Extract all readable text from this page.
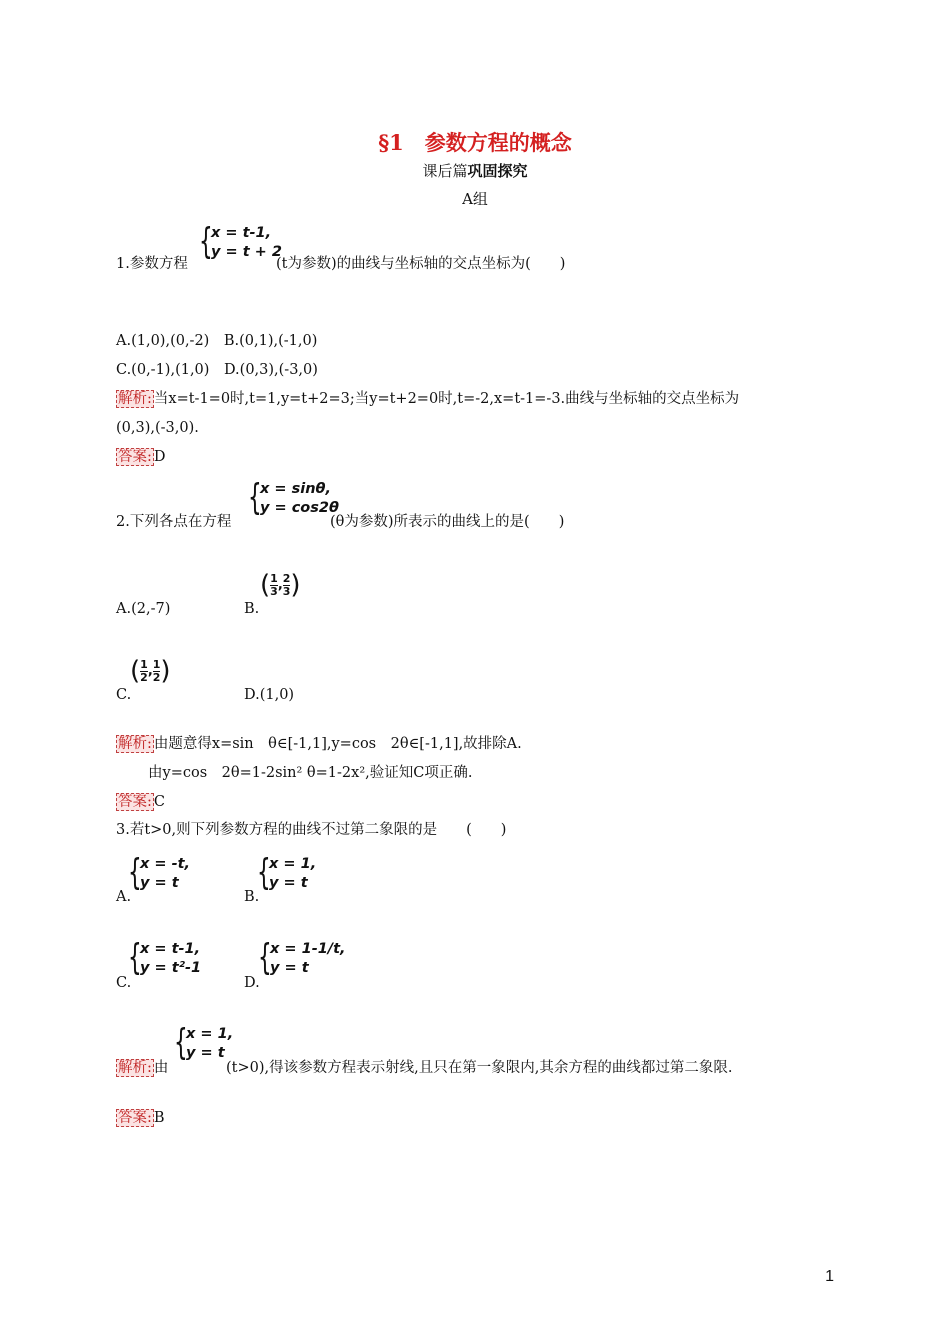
§1　参数方程的概念
课后篇巩固探究
A组
1.参数方程
{
x = t-1,
y = t + 2
(t为参数)的曲线与坐标轴的交点坐标为(　　)
A.(1,0),(0,-2)　B.(0,1),(-1,0)
C.(0,-1),(1,0)　D.(0,3),(-3,0)
解析: 当x=t-1=0时,t=1,y=t+2=3;当y=t+2=0时,t=-2,x=t-1=-3.曲线与坐标轴的交点坐标为
(0,3),(-3,0).
答案: D
2.下列各点在方程
{
x = sinθ,
y = cos2θ
(θ为参数)所表示的曲线上的是(　　)
A.(2,-7)	B.
( $\frac{1}{3}$ , $\frac{2}{3}$ )
( $\frac{1}{2}$ , $\frac{1}{2}$ )
C.	D.(1,0)
解析: 由题意得x=sin　θ∈[-1,1],y=cos　2θ∈[-1,1],故排除A.
由y=cos　2θ=1-2sin² θ=1-2x²,验证知C项正确.
答案: C
3.若t>0,则下列参数方程的曲线不过第二象限的是　　(　　)
{
x = -t,
y = t
A.
{
x = 1,
y = t
B.
{
x = t-1,
y = t²-1
C.
{
x = 1-1/t,
y = t
D.
{
x = 1,
y = t
解析: 由	(t>0),得该参数方程表示射线,且只在第一象限内,其余方程的曲线都过第二象限.
答案: B
1
